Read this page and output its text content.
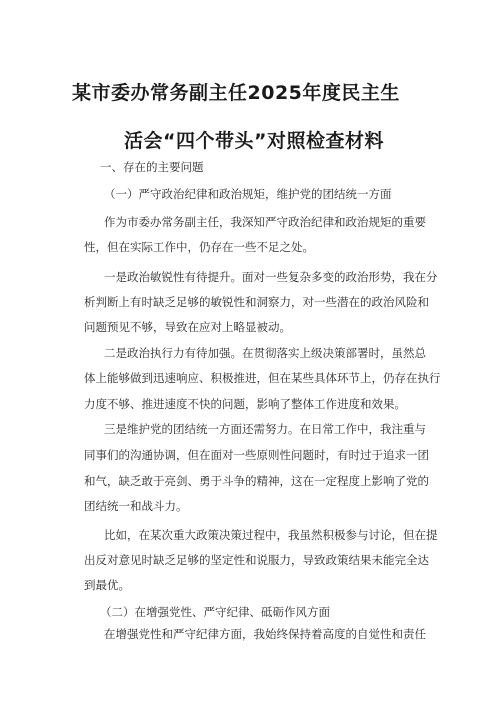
某市委办常务副主任2025年度民主生
活会“四个带头”对照检查材料
一、存在的主要问题
（一）严守政治纪律和政治规矩，维护党的团结统一方面
作为市委办常务副主任，我深知严守政治纪律和政治规矩的重要
性，但在实际工作中，仍存在一些不足之处。
一是政治敏锐性有待提升。面对一些复杂多变的政治形势，我在分
析判断上有时缺乏足够的敏锐性和洞察力，对一些潜在的政治风险和
问题预见不够，导致在应对上略显被动。
二是政治执行力有待加强。在贯彻落实上级决策部署时，虽然总
体上能够做到迅速响应、积极推进，但在某些具体环节上，仍存在执行
力度不够、推进速度不快的问题，影响了整体工作进度和效果。
三是维护党的团结统一方面还需努力。在日常工作中，我注重与
同事们的沟通协调，但在面对一些原则性问题时，有时过于追求一团
和气，缺乏敢于亮剑、勇于斗争的精神，这在一定程度上影响了党的
团结统一和战斗力。
比如，在某次重大政策决策过程中，我虽然积极参与讨论，但在提
出反对意见时缺乏足够的坚定性和说服力，导致政策结果未能完全达
到最优。
（二）在增强党性、严守纪律、砥砺作风方面
在增强党性和严守纪律方面，我始终保持着高度的自觉性和责任
